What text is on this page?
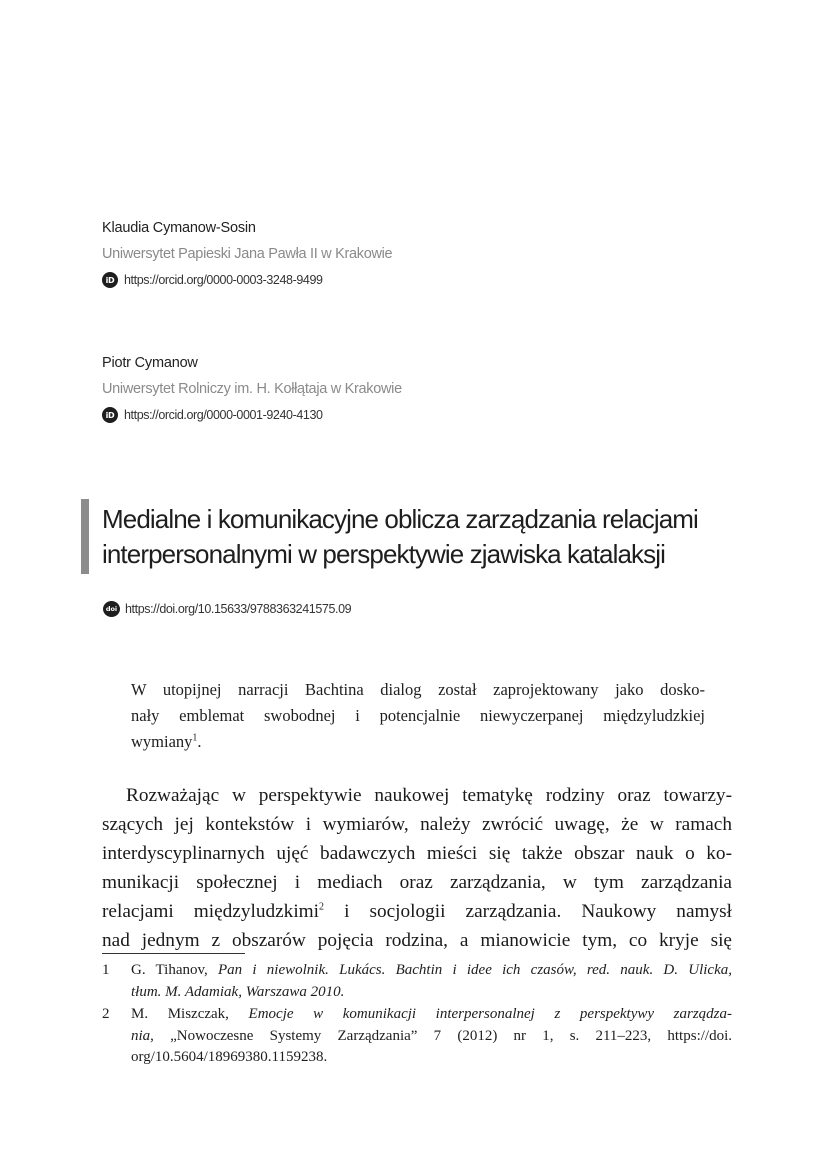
Klaudia Cymanow-Sosin
Uniwersytet Papieski Jana Pawła II w Krakowie
iD https://orcid.org/0000-0003-3248-9499
Piotr Cymanow
Uniwersytet Rolniczy im. H. Kołłątaja w Krakowie
iD https://orcid.org/0000-0001-9240-4130
Medialne i komunikacyjne oblicza zarządzania relacjami
interpersonalnymi w perspektywie zjawiska katalaksji
doi https://doi.org/10.15633/9788363241575.09
W utopijnej narracji Bachtina dialog został zaprojektowany jako dosko-
nały emblemat swobodnej i potencjalnie niewyczerpanej międzyludzkiej
wymiany$^1$.
Rozważając w perspektywie naukowej tematykę rodziny oraz towarzy-
szących jej kontekstów i wymiarów, należy zwrócić uwagę, że w ramach
interdyscyplinarnych ujęć badawczych mieści się także obszar nauk o ko-
munikacji społecznej i mediach oraz zarządzania, w tym zarządzania
relacjami międzyludzkimi$^2$ i socjologii zarządzania. Naukowy namysł
nad jednym z obszarów pojęcia rodzina, a mianowicie tym, co kryje się
1 G. Tihanov, Pan i niewolnik. Lukács. Bachtin i idee ich czasów, red. nauk. D. Ulicka,
tłum. M. Adamiak, Warszawa 2010.
2 M. Miszczak, Emocje w komunikacji interpersonalnej z perspektywy zarządza-
nia, „Nowoczesne Systemy Zarządzania” 7 (2012) nr 1, s. 211–223, https://doi.
org/10.5604/18969380.1159238.
